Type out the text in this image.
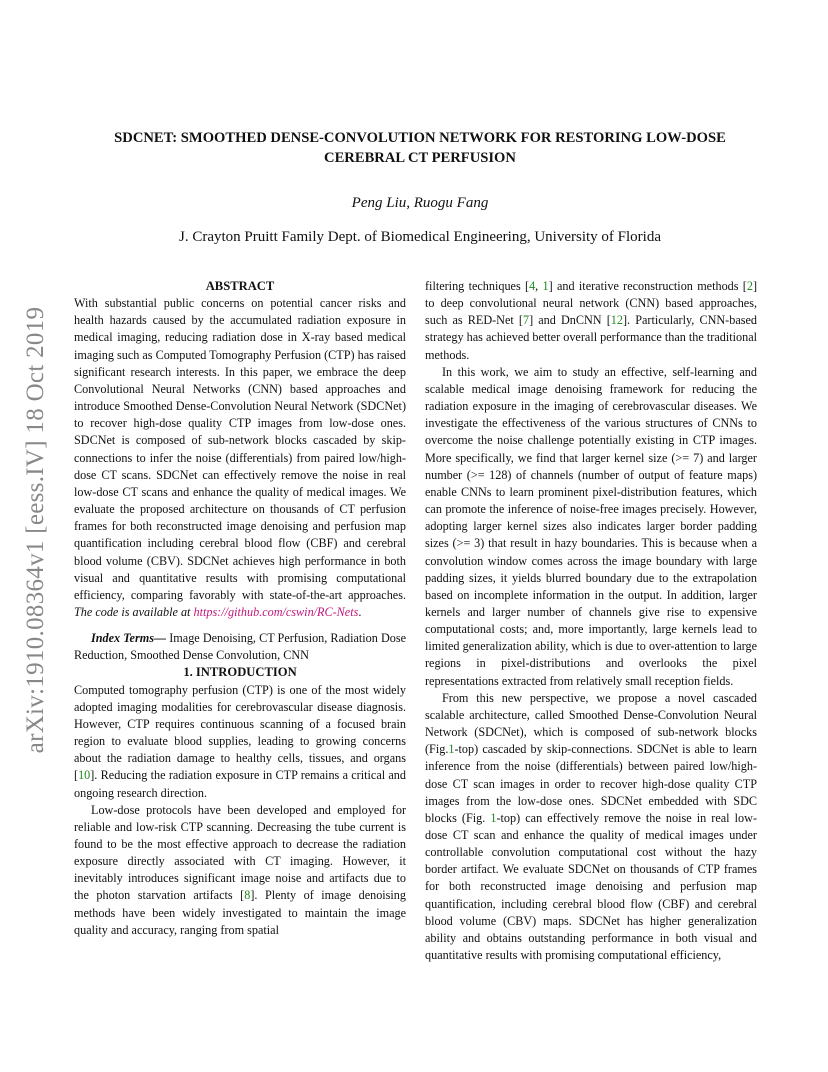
arXiv:1910.08364v1 [eess.IV] 18 Oct 2019

SDCNET: SMOOTHED DENSE-CONVOLUTION NETWORK FOR RESTORING LOW-DOSE
CEREBRAL CT PERFUSION

Peng Liu, Ruogu Fang
J. Crayton Pruitt Family Dept. of Biomedical Engineering, University of Florida

ABSTRACT

With substantial public concerns on potential cancer risks and health hazards caused by the accumulated radiation exposure in medical imaging, reducing radiation dose in X-ray based medical imaging such as Computed Tomography Perfusion (CTP) has raised significant research interests. In this paper, we embrace the deep Convolutional Neural Networks (CNN) based approaches and introduce Smoothed Dense-Convolution Neural Network (SDCNet) to recover high-dose quality CTP images from low-dose ones. SDCNet is composed of sub-network blocks cascaded by skip-connections to infer the noise (differentials) from paired low/high-dose CT scans. SDCNet can effectively remove the noise in real low-dose CT scans and enhance the quality of medical images. We evaluate the proposed architecture on thousands of CT perfusion frames for both reconstructed image denoising and perfusion map quantification including cerebral blood flow (CBF) and cerebral blood volume (CBV). SDCNet achieves high performance in both visual and quantitative results with promising computational efficiency, comparing favorably with state-of-the-art approaches. The code is available at https://github.com/cswin/RC-Nets.

Index Terms— Image Denoising, CT Perfusion, Radiation Dose Reduction, Smoothed Dense Convolution, CNN

1. INTRODUCTION

Computed tomography perfusion (CTP) is one of the most widely adopted imaging modalities for cerebrovascular disease diagnosis. However, CTP requires continuous scanning of a focused brain region to evaluate blood supplies, leading to growing concerns about the radiation damage to healthy cells, tissues, and organs [10]. Reducing the radiation exposure in CTP remains a critical and ongoing research direction.

Low-dose protocols have been developed and employed for reliable and low-risk CTP scanning. Decreasing the tube current is found to be the most effective approach to decrease the radiation exposure directly associated with CT imaging. However, it inevitably introduces significant image noise and artifacts due to the photon starvation artifacts [8]. Plenty of image denoising methods have been widely investigated to maintain the image quality and accuracy, ranging from spatial

filtering techniques [4, 1] and iterative reconstruction methods [2] to deep convolutional neural network (CNN) based approaches, such as RED-Net [7] and DnCNN [12]. Particularly, CNN-based strategy has achieved better overall performance than the traditional methods.

In this work, we aim to study an effective, self-learning and scalable medical image denoising framework for reducing the radiation exposure in the imaging of cerebrovascular diseases. We investigate the effectiveness of the various structures of CNNs to overcome the noise challenge potentially existing in CTP images. More specifically, we find that larger kernel size (>= 7) and larger number (>= 128) of channels (number of output of feature maps) enable CNNs to learn prominent pixel-distribution features, which can promote the inference of noise-free images precisely. However, adopting larger kernel sizes also indicates larger border padding sizes (>= 3) that result in hazy boundaries. This is because when a convolution window comes across the image boundary with large padding sizes, it yields blurred boundary due to the extrapolation based on incomplete information in the output. In addition, larger kernels and larger number of channels give rise to expensive computational costs; and, more importantly, large kernels lead to limited generalization ability, which is due to over-attention to large regions in pixel-distributions and overlooks the pixel representations extracted from relatively small reception fields.

From this new perspective, we propose a novel cascaded scalable architecture, called Smoothed Dense-Convolution Neural Network (SDCNet), which is composed of sub-network blocks (Fig.1-top) cascaded by skip-connections. SDCNet is able to learn inference from the noise (differentials) between paired low/high-dose CT scan images in order to recover high-dose quality CTP images from the low-dose ones. SDCNet embedded with SDC blocks (Fig. 1-top) can effectively remove the noise in real low-dose CT scan and enhance the quality of medical images under controllable convolution computational cost without the hazy border artifact. We evaluate SDCNet on thousands of CTP frames for both reconstructed image denoising and perfusion map quantification, including cerebral blood flow (CBF) and cerebral blood volume (CBV) maps. SDCNet has higher generalization ability and obtains outstanding performance in both visual and quantitative results with promising computational efficiency,
